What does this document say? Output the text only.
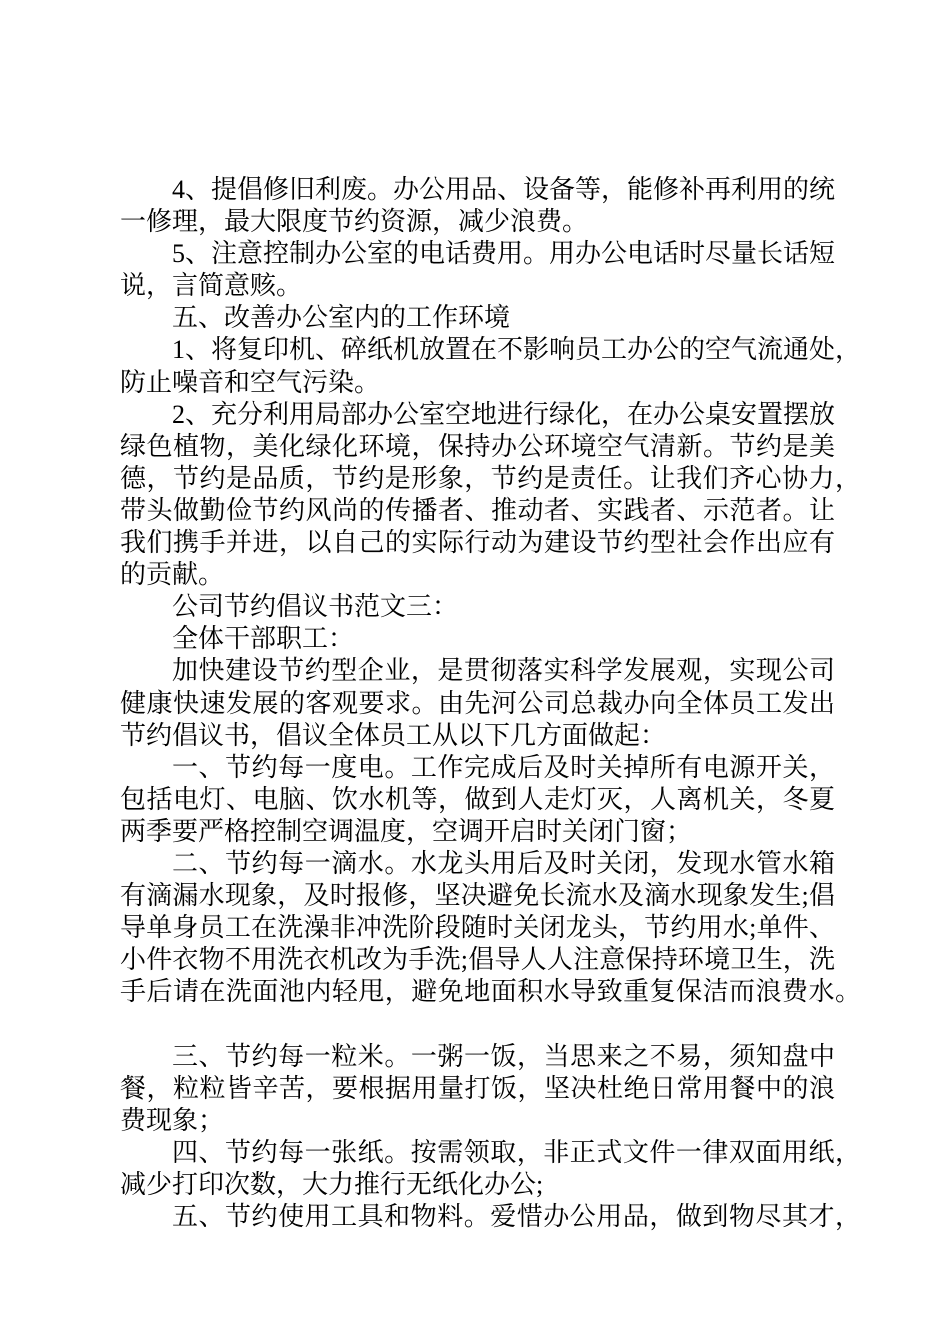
4、提倡修旧利废。办公用品、设备等，能修补再利用的统
一修理，最大限度节约资源，减少浪费。
5、注意控制办公室的电话费用。用办公电话时尽量长话短
说，言简意赅。
五、改善办公室内的工作环境
1、将复印机、碎纸机放置在不影响员工办公的空气流通处，
防止噪音和空气污染。
2、充分利用局部办公室空地进行绿化，在办公桌安置摆放
绿色植物，美化绿化环境，保持办公环境空气清新。节约是美
德，节约是品质，节约是形象，节约是责任。让我们齐心协力，
带头做勤俭节约风尚的传播者、推动者、实践者、示范者。让
我们携手并进，以自己的实际行动为建设节约型社会作出应有
的贡献。
公司节约倡议书范文三：
全体干部职工：
加快建设节约型企业，是贯彻落实科学发展观，实现公司
健康快速发展的客观要求。由先河公司总裁办向全体员工发出
节约倡议书，倡议全体员工从以下几方面做起：
一、节约每一度电。工作完成后及时关掉所有电源开关，
包括电灯、电脑、饮水机等，做到人走灯灭，人离机关，冬夏
两季要严格控制空调温度，空调开启时关闭门窗；
二、节约每一滴水。水龙头用后及时关闭，发现水管水箱
有滴漏水现象，及时报修，坚决避免长流水及滴水现象发生;倡
导单身员工在洗澡非冲洗阶段随时关闭龙头，节约用水;单件、
小件衣物不用洗衣机改为手洗;倡导人人注意保持环境卫生，洗
手后请在洗面池内轻甩，避免地面积水导致重复保洁而浪费水。
三、节约每一粒米。一粥一饭，当思来之不易，须知盘中
餐，粒粒皆辛苦，要根据用量打饭，坚决杜绝日常用餐中的浪
费现象；
四、节约每一张纸。按需领取，非正式文件一律双面用纸，
减少打印次数，大力推行无纸化办公;
五、节约使用工具和物料。爱惜办公用品，做到物尽其才，
